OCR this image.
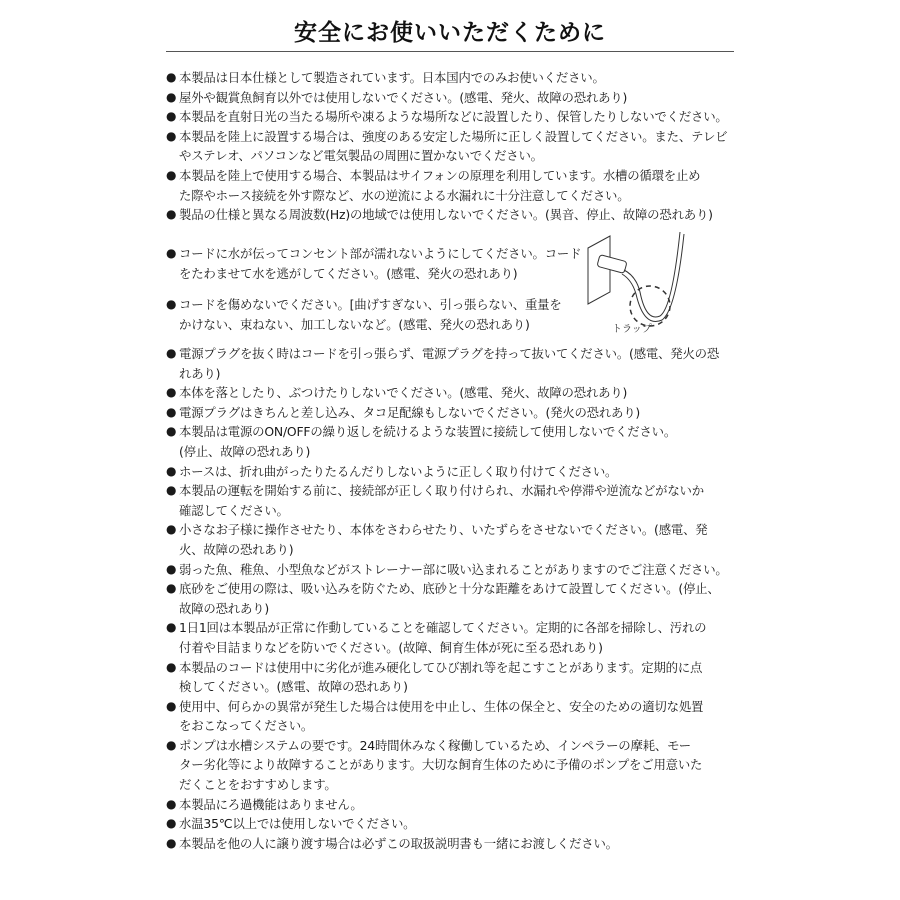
安全にお使いいただくために
● 本製品は日本仕様として製造されています。日本国内でのみお使いください。
● 屋外や観賞魚飼育以外では使用しないでください。(感電、発火、故障の恐れあり)
● 本製品を直射日光の当たる場所や凍るような場所などに設置したり、保管したりしないでください。
● 本製品を陸上に設置する場合は、強度のある安定した場所に正しく設置してください。また、テレビ
やステレオ、パソコンなど電気製品の周囲に置かないでください。
● 本製品を陸上で使用する場合、本製品はサイフォンの原理を利用しています。水槽の循環を止め
た際やホース接続を外す際など、水の逆流による水漏れに十分注意してください。
● 製品の仕様と異なる周波数(Hz)の地域では使用しないでください。(異音、停止、故障の恐れあり)
● コードに水が伝ってコンセント部が濡れないようにしてください。コード
をたわませて水を逃がしてください。(感電、発火の恐れあり)
● コードを傷めないでください。[曲げすぎない、引っ張らない、重量を
かけない、束ねない、加工しないなど。(感電、発火の恐れあり)	トラップ
● 電源プラグを抜く時はコードを引っ張らず、電源プラグを持って抜いてください。(感電、発火の恐
れあり)
● 本体を落としたり、ぶつけたりしないでください。(感電、発火、故障の恐れあり)
● 電源プラグはきちんと差し込み、タコ足配線もしないでください。(発火の恐れあり)
● 本製品は電源のON/OFFの繰り返しを続けるような装置に接続して使用しないでください。
(停止、故障の恐れあり)
● ホースは、折れ曲がったりたるんだりしないように正しく取り付けてください。
● 本製品の運転を開始する前に、接続部が正しく取り付けられ、水漏れや停滞や逆流などがないか
確認してください。
● 小さなお子様に操作させたり、本体をさわらせたり、いたずらをさせないでください。(感電、発
火、故障の恐れあり)
● 弱った魚、稚魚、小型魚などがストレーナー部に吸い込まれることがありますのでご注意ください。
● 底砂をご使用の際は、吸い込みを防ぐため、底砂と十分な距離をあけて設置してください。(停止、
故障の恐れあり)
● 1日1回は本製品が正常に作動していることを確認してください。定期的に各部を掃除し、汚れの
付着や目詰まりなどを防いでください。(故障、飼育生体が死に至る恐れあり)
● 本製品のコードは使用中に劣化が進み硬化してひび割れ等を起こすことがあります。定期的に点
検してください。(感電、故障の恐れあり)
● 使用中、何らかの異常が発生した場合は使用を中止し、生体の保全と、安全のための適切な処置
をおこなってください。
● ポンプは水槽システムの要です。24時間休みなく稼働しているため、インペラーの摩耗、モー
ター劣化等により故障することがあります。大切な飼育生体のために予備のポンプをご用意いた
だくことをおすすめします。
● 本製品にろ過機能はありません。
● 水温35℃以上では使用しないでください。
● 本製品を他の人に譲り渡す場合は必ずこの取扱説明書も一緒にお渡しください。
